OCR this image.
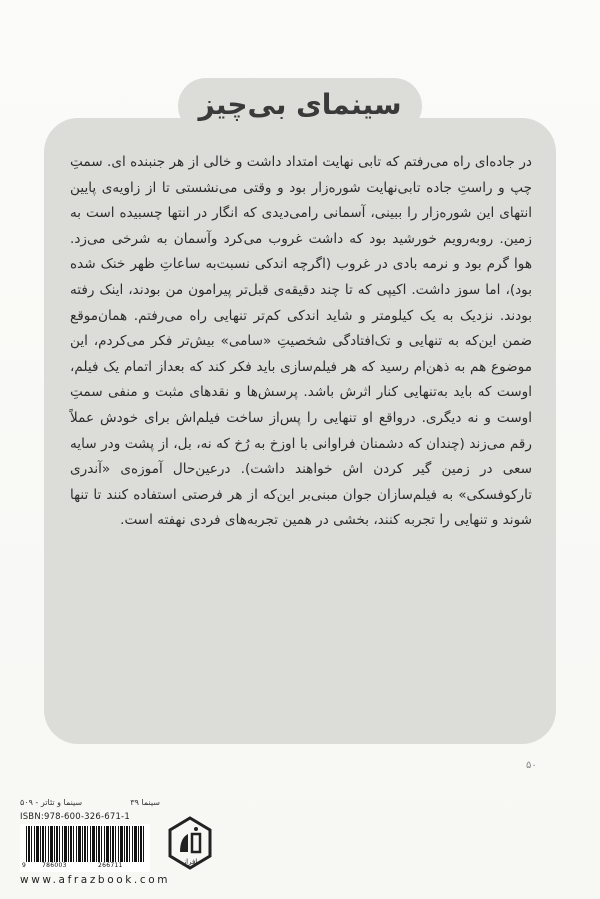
سینمای بی‌چیز

در جاده‌ای راه می‌رفتم که تابی نهایت امتداد داشت و خالی از هر جنبنده ای. سمتِ چپ و راستِ جاده تابی‌نهایت شوره‌زار بود و وقتی می‌نشستی تا از زاویه‌ی پایین انتهای این شوره‌زار را ببینی، آسمانی رامی‌دیدی که انگار در انتها چسبیده است به زمین. روبه‌رویم خورشید بود که داشت غروب می‌کرد وآسمان به شرخی می‌زد. هوا گرم بود و نرمه بادی در غروب (اگرچه اندکی نسبت‌به ساعاتِ ظهر خنک شده بود)، اما سوز داشت. اکیپی که تا چند دقیقه‌ی قبل‌تر پیرامون من بودند، اینک رفته بودند. نزدیک به یک کیلومتر و شاید اندکی کم‌تر تنهایی راه می‌رفتم. همان‌موقع ضمن این‌که به تنهایی و تک‌افتادگی شخصیتِ «سامی» بیش‌تر فکر می‌کردم، این موضوع هم به ذهن‌ام رسید که هر فیلم‌سازی باید فکر کند که بعداز اتمام یک فیلم، اوست که باید به‌تنهایی کنار اثرش باشد. پرسش‌ها و نقدهای مثبت و منفی سمتِ اوست و نه دیگری. درواقع او تنهایی را پس‌از ساخت فیلم‌اش برای خودش عملاً رقم می‌زند (چندان که دشمنان فراوانی با اوزخ به رُخ که نه، بل، از پشت ودر سایه سعی در زمین گیر کردن اش خواهند داشت). درعین‌حال آموزه‌ی «آندری تارکوفسکی» به فیلم‌سازان جوان مبنی‌بر این‌که از هر فرصتی استفاده کنند تا تنها شوند و تنهایی را تجربه کنند، بخشی در همین تجربه‌های فردی نهفته است.

۵۰
سینما ۳۹
سینما و تئاتر - ۵۰۹
ISBN:978-600-326-671-1
9	786003	266711	افراز
www.afrazbook.com
